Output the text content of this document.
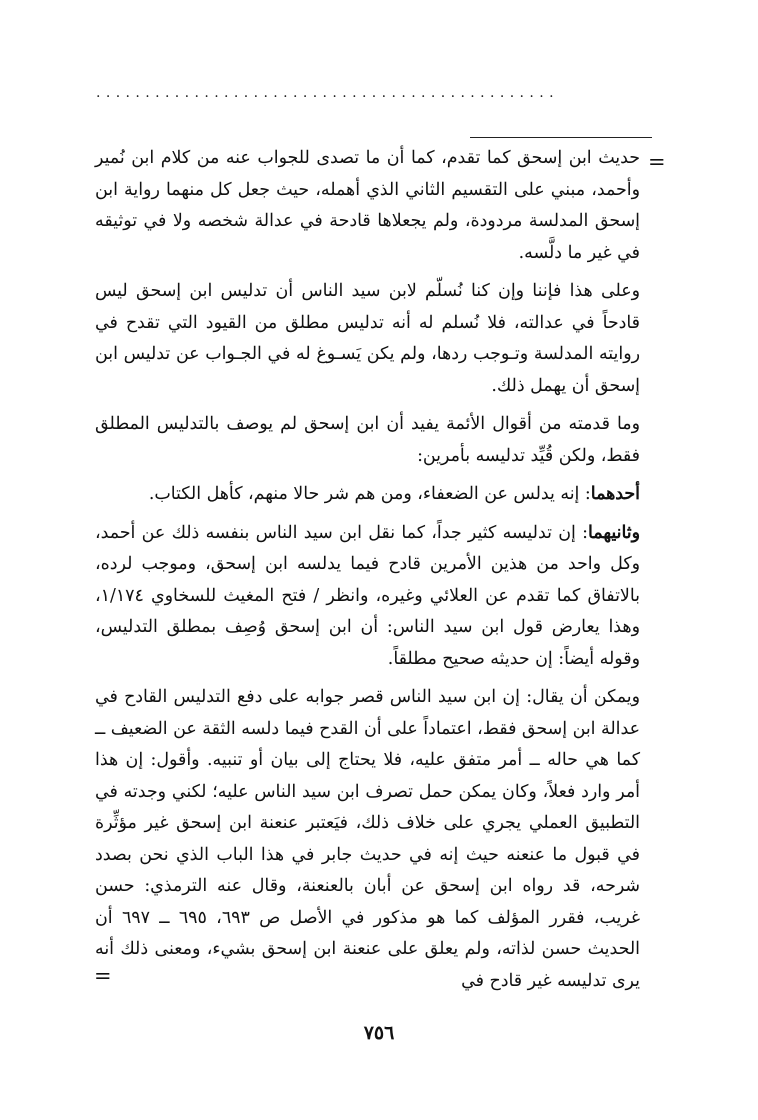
...............................................
=

حديث ابن إسحق كما تقدم، كما أن ما تصدى للجواب عنه من كلام ابن نُمير وأحمد، مبني على التقسيم الثاني الذي أهمله، حيث جعل كل منهما رواية ابن إسحق المدلسة مردودة، ولم يجعلاها قادحة في عدالة شخصه ولا في توثيقه في غير ما دلَّسه.

وعلى هذا فإننا وإن كنا نُسلّم لابن سيد الناس أن تدليس ابن إسحق ليس قادحاً في عدالته، فلا نُسلم له أنه تدليس مطلق من القيود التي تقدح في روايته المدلسة وتـوجب ردها، ولم يكن يَسـوغ له في الجـواب عن تدليس ابن إسحق أن يهمل ذلك.

وما قدمته من أقوال الأئمة يفيد أن ابن إسحق لم يوصف بالتدليس المطلق فقط، ولكن قُيِّد تدليسه بأمرين:

أحدهما: إنه يدلس عن الضعفاء، ومن هم شر حالا منهم، كأهل الكتاب.

وثانيهما: إن تدليسه كثير جداً، كما نقل ابن سيد الناس بنفسه ذلك عن أحمد، وكل واحد من هذين الأمرين قادح فيما يدلسه ابن إسحق، وموجب لرده، بالاتفاق كما تقدم عن العلائي وغيره، وانظر / فتح المغيث للسخاوي ١/١٧٤، وهذا يعارض قول ابن سيد الناس: أن ابن إسحق وُصِف بمطلق التدليس، وقوله أيضاً: إن حديثه صحيح مطلقاً.

ويمكن أن يقال: إن ابن سيد الناس قصر جوابه على دفع التدليس القادح في عدالة ابن إسحق فقط، اعتماداً على أن القدح فيما دلسه الثقة عن الضعيف ــ كما هي حاله ــ أمر متفق عليه، فلا يحتاج إلى بيان أو تنبيه. وأقول: إن هذا أمر وارد فعلاً، وكان يمكن حمل تصرف ابن سيد الناس عليه؛ لكني وجدته في التطبيق العملي يجري على خلاف ذلك، فيَعتبر عنعنة ابن إسحق غير مؤثِّرة في قبول ما عنعنه حيث إنه في حديث جابر في هذا الباب الذي نحن بصدد شرحه، قد رواه ابن إسحق عن أبان بالعنعنة، وقال عنه الترمذي: حسن غريب، فقرر المؤلف كما هو مذكور في الأصل ص ٦٩٣، ٦٩٥ ــ ٦٩٧ أن الحديث حسن لذاته، ولم يعلق على عنعنة ابن إسحق بشيء، ومعنى ذلك أنه يرى تدليسه غير قادح في

=
٧٥٦
